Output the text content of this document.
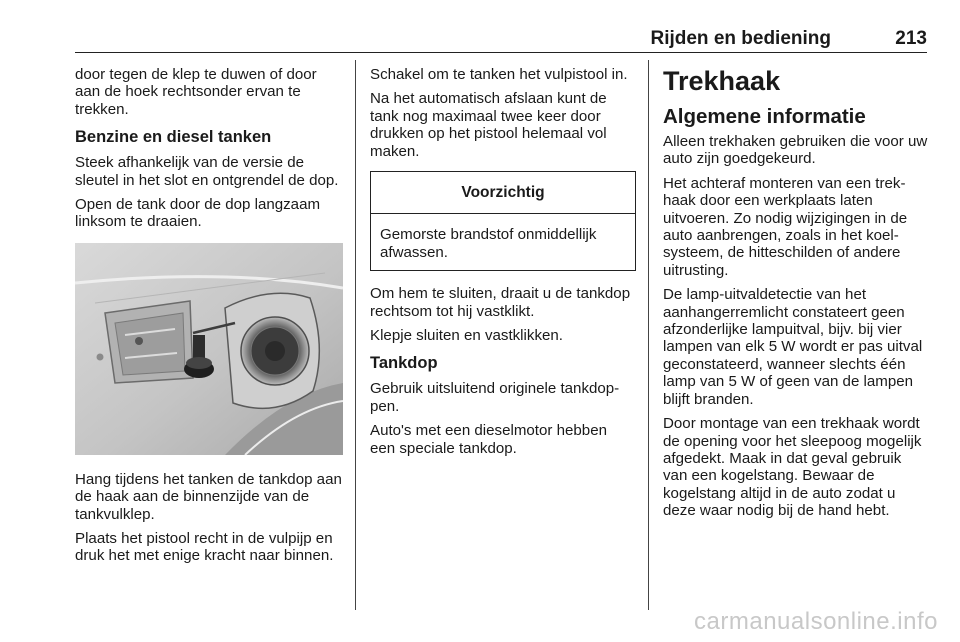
Rijden en bediening	213

door tegen de klep te duwen of door aan de hoek rechtsonder ervan te trekken.

Benzine en diesel tanken

Steek afhankelijk van de versie de sleutel in het slot en ontgrendel de dop.

Open de tank door de dop langzaam linksom te draaien.

Hang tijdens het tanken de tankdop aan de haak aan de binnenzijde van de tankvulklep.

Plaats het pistool recht in de vulpijp en druk het met enige kracht naar binnen.

Schakel om te tanken het vulpistool in.

Na het automatisch afslaan kunt de tank nog maximaal twee keer door drukken op het pistool helemaal vol maken.

Voorzichtig
Gemorste brandstof onmiddellijk afwassen.

Om hem te sluiten, draait u de tankdop rechtsom tot hij vastklikt.

Klepje sluiten en vastklikken.

Tankdop

Gebruik uitsluitend originele tankdoppen.

Auto's met een dieselmotor hebben een speciale tankdop.

Trekhaak
Algemene informatie

Alleen trekhaken gebruiken die voor uw auto zijn goedgekeurd.

Het achteraf monteren van een trekhaak door een werkplaats laten uitvoeren. Zo nodig wijzigingen in de auto aanbrengen, zoals in het koelsysteem, de hitteschilden of andere uitrusting.

De lamp-uitvaldetectie van het aanhangerremlicht constateert geen afzonderlijke lampuitval, bijv. bij vier lampen van elk 5 W wordt er pas uitval geconstateerd, wanneer slechts één lamp van 5 W of geen van de lampen blijft branden.

Door montage van een trekhaak wordt de opening voor het sleepoog mogelijk afgedekt. Maak in dat geval gebruik van een kogelstang. Bewaar de kogelstang altijd in de auto zodat u deze waar nodig bij de hand hebt.

carmanualsonline.info
